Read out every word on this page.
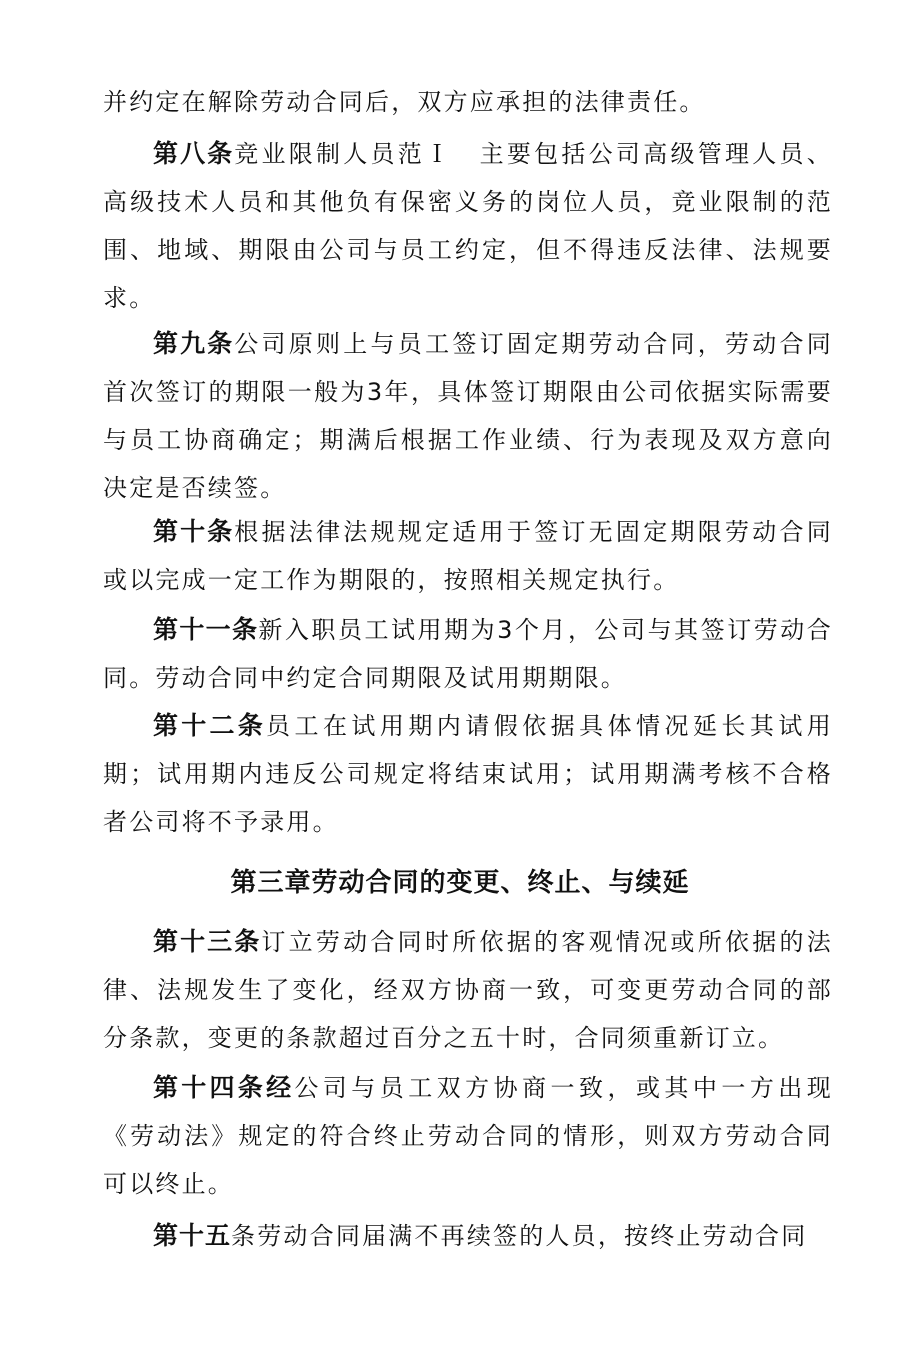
并约定在解除劳动合同后，双方应承担的法律责任。

第八条竞业限制人员范Ｉ　主要包括公司高级管理人员、高级技术人员和其他负有保密义务的岗位人员，竞业限制的范围、地域、期限由公司与员工约定，但不得违反法律、法规要求。

第九条公司原则上与员工签订固定期劳动合同，劳动合同首次签订的期限一般为3年，具体签订期限由公司依据实际需要与员工协商确定；期满后根据工作业绩、行为表现及双方意向决定是否续签。

第十条根据法律法规规定适用于签订无固定期限劳动合同或以完成一定工作为期限的，按照相关规定执行。

第十一条新入职员工试用期为3个月，公司与其签订劳动合同。劳动合同中约定合同期限及试用期期限。

第十二条员工在试用期内请假依据具体情况延长其试用期；试用期内违反公司规定将结束试用；试用期满考核不合格者公司将不予录用。

第三章劳动合同的变更、终止、与续延

第十三条订立劳动合同时所依据的客观情况或所依据的法律、法规发生了变化，经双方协商一致，可变更劳动合同的部分条款，变更的条款超过百分之五十时，合同须重新订立。

第十四条经公司与员工双方协商一致，或其中一方出现《劳动法》规定的符合终止劳动合同的情形，则双方劳动合同可以终止。

第十五条劳动合同届满不再续签的人员，按终止劳动合同
